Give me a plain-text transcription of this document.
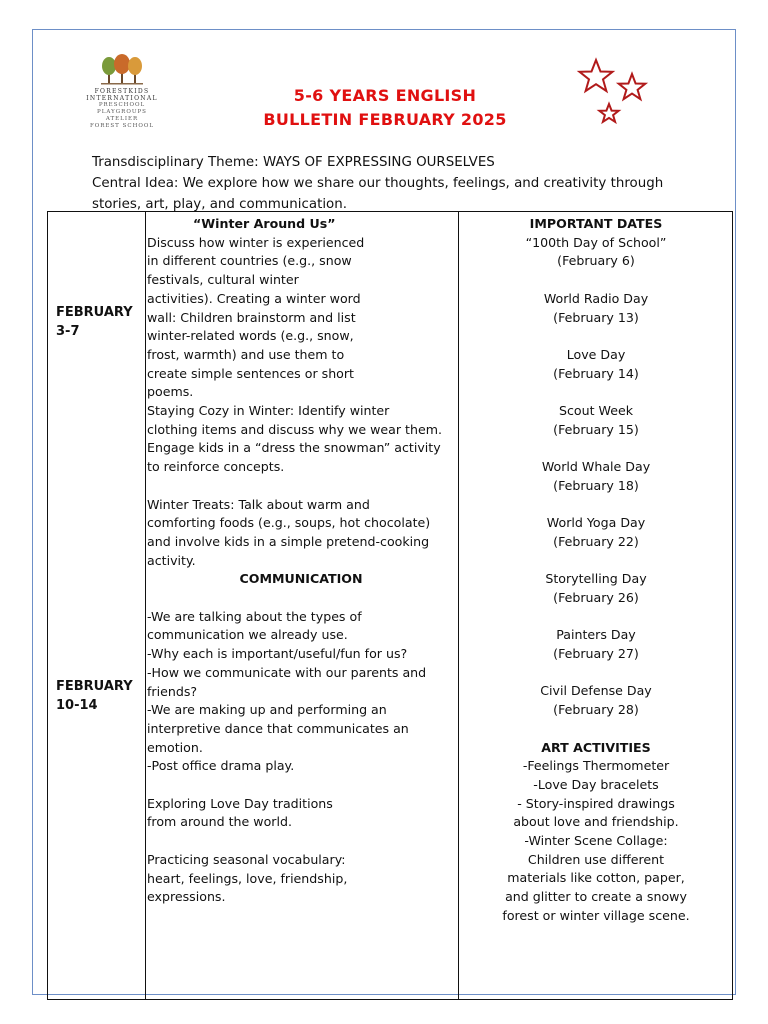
FORESTKIDS
INTERNATIONAL
PRESCHOOL
PLAYGROUPS
ATELIER
FOREST SCHOOL
5-6 YEARS ENGLISH
BULLETIN FEBRUARY 2025
Transdisciplinary Theme: WAYS OF EXPRESSING OURSELVES
Central Idea: We explore how we share our thoughts, feelings, and creativity through
stories, art, play, and communication.
FEBRUARY
3-7
FEBRUARY
10-14
“Winter Around Us”
Discuss how winter is experienced
in different countries (e.g., snow
festivals, cultural winter
activities). Creating a winter word
wall: Children brainstorm and list
winter-related words (e.g., snow,
frost, warmth) and use them to
create simple sentences or short
poems.
Staying Cozy in Winter: Identify winter
clothing items and discuss why we wear them.
Engage kids in a “dress the snowman” activity
to reinforce concepts.
Winter Treats: Talk about warm and
comforting foods (e.g., soups, hot chocolate)
and involve kids in a simple pretend-cooking
activity.
COMMUNICATION
-We are talking about the types of
communication we already use.
-Why each is important/useful/fun for us?
-How we communicate with our parents and
friends?
-We are making up and performing an
interpretive dance that communicates an
emotion.
-Post office drama play.
Exploring Love Day traditions
from around the world.
Practicing seasonal vocabulary:
heart, feelings, love, friendship,
expressions.
IMPORTANT DATES
“100th Day of School”
(February 6)
World Radio Day
(February 13)
Love Day
(February 14)
Scout Week
(February 15)
World Whale Day
(February 18)
World Yoga Day
(February 22)
Storytelling Day
(February 26)
Painters Day
(February 27)
Civil Defense Day
(February 28)
ART ACTIVITIES
-Feelings Thermometer
-Love Day bracelets
- Story-inspired drawings
about love and friendship.
-Winter Scene Collage:
Children use different
materials like cotton, paper,
and glitter to create a snowy
forest or winter village scene.
